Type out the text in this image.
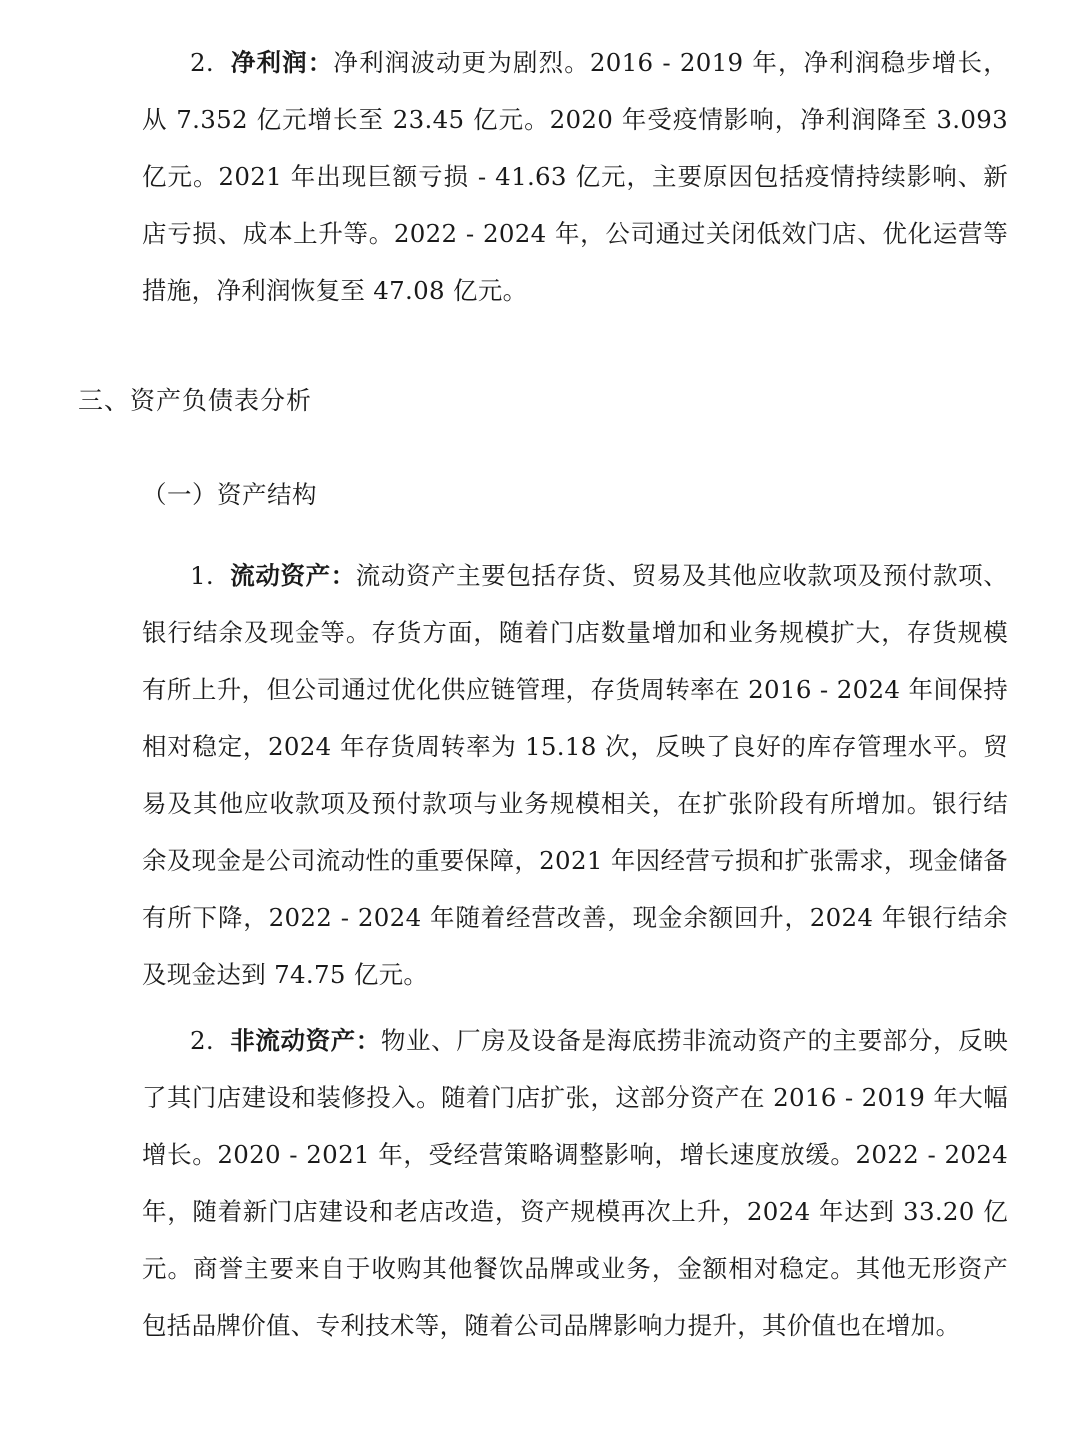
2. 净利润：净利润波动更为剧烈。2016 - 2019 年，净利润稳步增长，从 7.352 亿元增长至 23.45 亿元。2020 年受疫情影响，净利润降至 3.093 亿元。2021 年出现巨额亏损 - 41.63 亿元，主要原因包括疫情持续影响、新店亏损、成本上升等。2022 - 2024 年，公司通过关闭低效门店、优化运营等措施，净利润恢复至 47.08 亿元。

三、资产负债表分析
（一）资产结构

1. 流动资产：流动资产主要包括存货、贸易及其他应收款项及预付款项、银行结余及现金等。存货方面，随着门店数量增加和业务规模扩大，存货规模有所上升，但公司通过优化供应链管理，存货周转率在 2016 - 2024 年间保持相对稳定，2024 年存货周转率为 15.18 次，反映了良好的库存管理水平。贸易及其他应收款项及预付款项与业务规模相关，在扩张阶段有所增加。银行结余及现金是公司流动性的重要保障，2021 年因经营亏损和扩张需求，现金储备有所下降，2022 - 2024 年随着经营改善，现金余额回升，2024 年银行结余及现金达到 74.75 亿元。

2. 非流动资产：物业、厂房及设备是海底捞非流动资产的主要部分，反映了其门店建设和装修投入。随着门店扩张，这部分资产在 2016 - 2019 年大幅增长。2020 - 2021 年，受经营策略调整影响，增长速度放缓。2022 - 2024 年，随着新门店建设和老店改造，资产规模再次上升，2024 年达到 33.20 亿元。商誉主要来自于收购其他餐饮品牌或业务，金额相对稳定。其他无形资产包括品牌价值、专利技术等，随着公司品牌影响力提升，其价值也在增加。
